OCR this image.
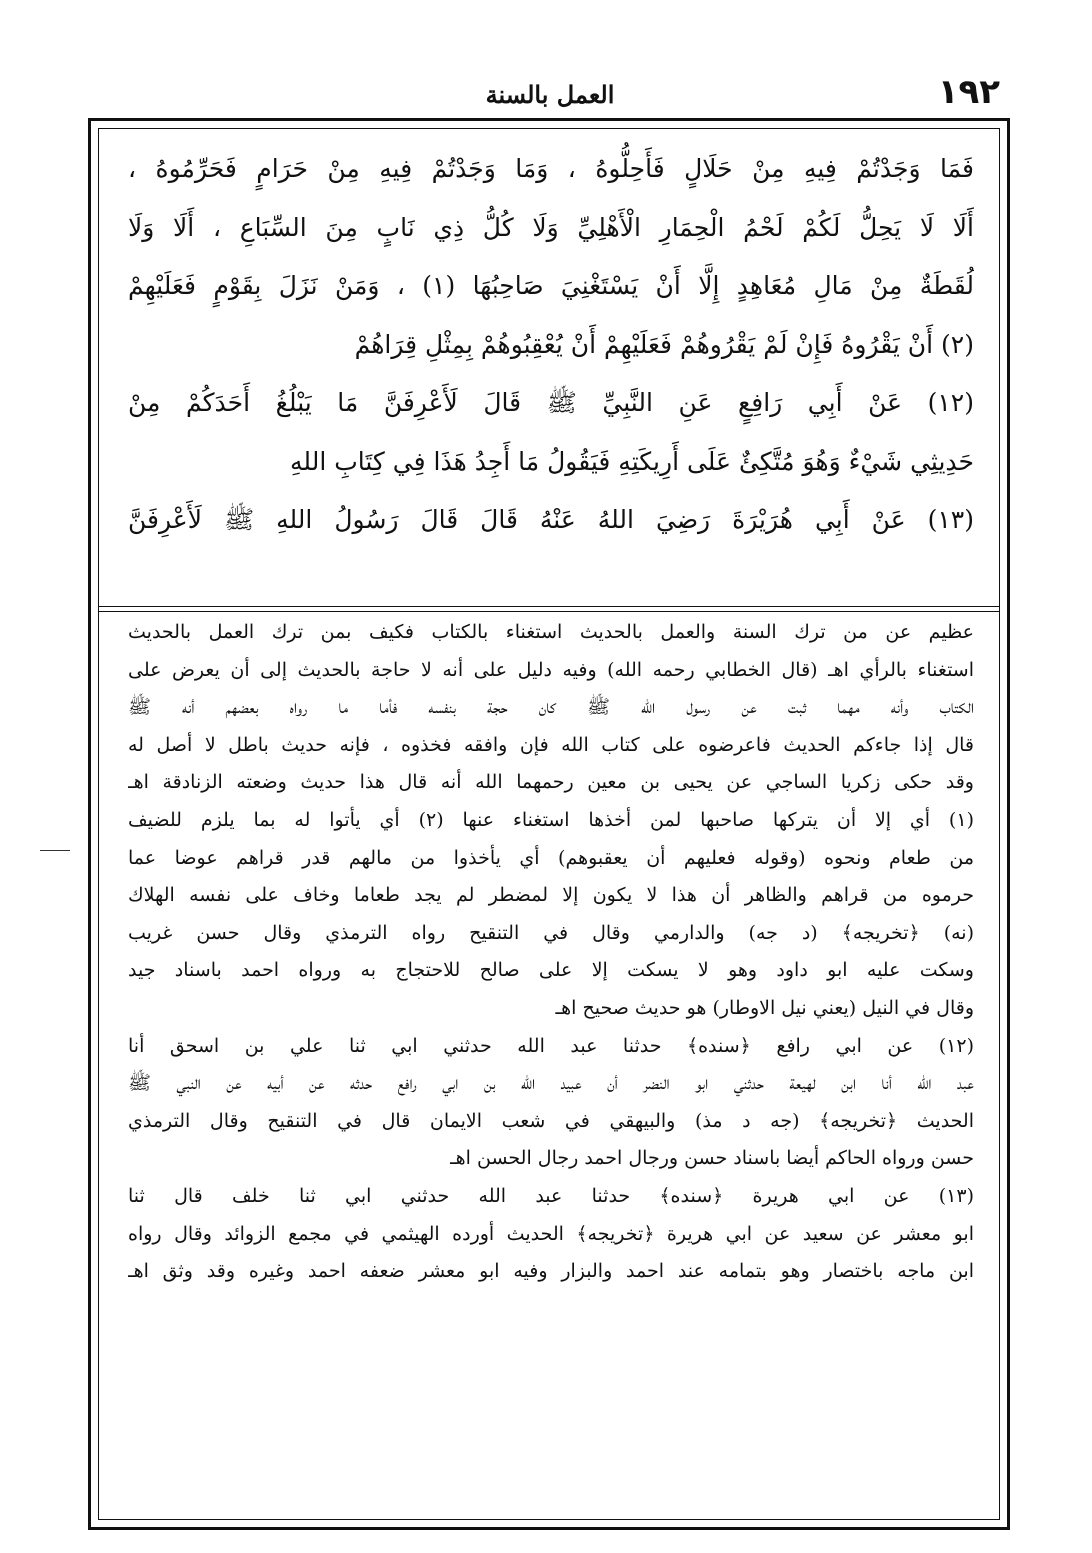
١٩٢
العمل بالسنة
فَمَا وَجَدْتُمْ فِيهِ مِنْ حَلَالٍ فَأَحِلُّوهُ ، وَمَا وَجَدْتُمْ فِيهِ مِنْ حَرَامٍ فَحَرِّمُوهُ ،
أَلَا لَا يَحِلُّ لَكُمْ لَحْمُ الْحِمَارِ الْأَهْلِيِّ وَلَا كُلُّ ذِي نَابٍ مِنَ السِّبَاعِ ، أَلَا وَلَا
لُقَطَةٌ مِنْ مَالِ مُعَاهِدٍ إِلَّا أَنْ يَسْتَغْنِيَ صَاحِبُهَا (١) ، وَمَنْ نَزَلَ بِقَوْمٍ فَعَلَيْهِمْ
(٢) أَنْ يَقْرُوهُ فَإِنْ لَمْ يَقْرُوهُمْ فَعَلَيْهِمْ أَنْ يُعْقِبُوهُمْ بِمِثْلِ قِرَاهُمْ
(١٢) عَنْ أَبِي رَافِعٍ عَنِ النَّبِيِّ ﷺ قَالَ لَأَعْرِفَنَّ مَا يَبْلُغُ أَحَدَكُمْ مِنْ
حَدِيثِي شَيْءٌ وَهُوَ مُتَّكِئٌ عَلَى أَرِيكَتِهِ فَيَقُولُ مَا أَجِدُ هَذَا فِي كِتَابِ اللهِ
(١٣) عَنْ أَبِي هُرَيْرَةَ رَضِيَ اللهُ عَنْهُ قَالَ قَالَ رَسُولُ اللهِ ﷺ لَأَعْرِفَنَّ
عظيم عن من ترك السنة والعمل بالحديث استغناء بالكتاب فكيف بمن ترك العمل بالحديث
استغناء بالرأي اهـ (قال الخطابي رحمه الله) وفيه دليل على أنه لا حاجة بالحديث إلى أن يعرض على
الكتاب وأنه مهما ثبت عن رسول الله ﷺ كان حجة بنفسه فأما ما رواه بعضهم أنه ﷺ
قال إذا جاءكم الحديث فاعرضوه على كتاب الله فإن وافقه فخذوه ، فإنه حديث باطل لا أصل له
وقد حكى زكريا الساجي عن يحيى بن معين رحمهما الله أنه قال هذا حديث وضعته الزنادقة اهـ
(١) أي إلا أن يتركها صاحبها لمن أخذها استغناء عنها (٢) أي يأتوا له بما يلزم للضيف
من طعام ونحوه (وقوله فعليهم أن يعقبوهم) أي يأخذوا من مالهم قدر قراهم عوضا عما
حرموه من قراهم والظاهر أن هذا لا يكون إلا لمضطر لم يجد طعاما وخاف على نفسه الهلاك
(نه) ﴿تخريجه﴾ (د جه) والدارمي وقال في التنقيح رواه الترمذي وقال حسن غريب
وسكت عليه ابو داود وهو لا يسكت إلا على صالح للاحتجاج به ورواه احمد باسناد جيد
وقال في النيل (يعني نيل الاوطار) هو حديث صحيح اهـ
(١٢) عن ابي رافع ﴿سنده﴾ حدثنا عبد الله حدثني ابي ثنا علي بن اسحق أنا
عبد الله أنا ابن لهيعة حدثني ابو النضر أن عبيد الله بن ابي رافع حدثه عن أبيه عن النبي ﷺ
الحديث ﴿تخريجه﴾ (جه د مذ) والبيهقي في شعب الايمان قال في التنقيح وقال الترمذي
حسن ورواه الحاكم أيضا باسناد حسن ورجال احمد رجال الحسن اهـ
(١٣) عن ابي هريرة ﴿سنده﴾ حدثنا عبد الله حدثني ابي ثنا خلف قال ثنا
ابو معشر عن سعيد عن ابي هريرة ﴿تخريجه﴾ الحديث أورده الهيثمي في مجمع الزوائد وقال رواه
ابن ماجه باختصار وهو بتمامه عند احمد والبزار وفيه ابو معشر ضعفه احمد وغيره وقد وثق اهـ
